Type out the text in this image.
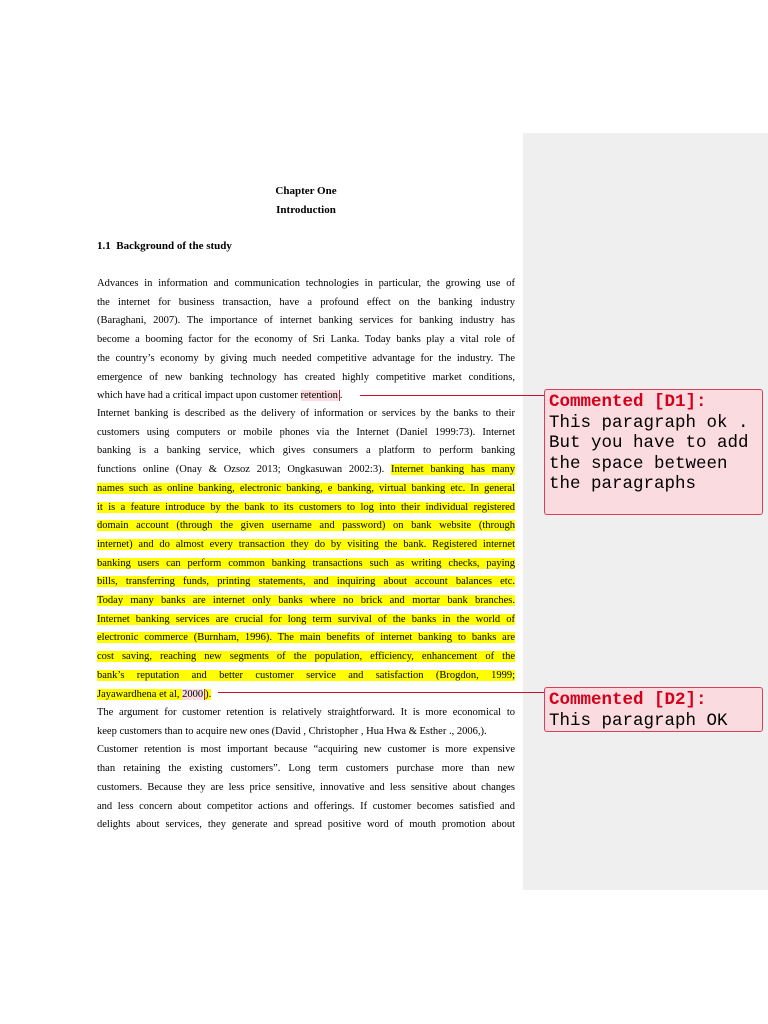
Chapter One
Introduction
1.1  Background of the study
Advances in information and communication technologies in particular, the growing use of
the internet for business transaction, have a profound effect on the banking industry
(Baraghani, 2007). The importance of internet banking services for banking industry has
become a booming factor for the economy of Sri Lanka. Today banks play a vital role of
the country’s economy by giving much needed competitive advantage for the industry. The
emergence of new banking technology has created highly competitive market conditions,
which have had a critical impact upon customer retention .
Internet banking is described as the delivery of information or services by the banks to their
customers using computers or mobile phones via the Internet (Daniel 1999:73). Internet
banking is a banking service, which gives consumers a platform to perform banking
functions online (Onay & Ozsoz 2013; Ongkasuwan 2002:3). Internet banking has many
names such as online banking, electronic banking, e banking, virtual banking etc. In general
it is a feature introduce by the bank to its customers to log into their individual registered
domain account (through the given username and password) on bank website (through
internet) and do almost every transaction they do by visiting the bank. Registered internet
banking users can perform common banking transactions such as writing checks, paying
bills, transferring funds, printing statements, and inquiring about account balances etc.
Today many banks are internet only banks where no brick and mortar bank branches.
Internet banking services are crucial for long term survival of the banks in the world of
electronic commerce (Burnham, 1996). The main benefits of internet banking to banks are
cost saving, reaching new segments of the population, efficiency, enhancement of the
bank’s reputation and better customer service and satisfaction (Brogdon, 1999;
Jayawardhena et al, 2000 ).
The argument for customer retention is relatively straightforward. It is more economical to
keep customers than to acquire new ones (David , Christopher , Hua Hwa & Esther ., 2006,).
Customer retention is most important because “acquiring new customer is more expensive
than retaining the existing customers”. Long term customers purchase more than new
customers. Because they are less price sensitive, innovative and less sensitive about changes
and less concern about competitor actions and offerings. If customer becomes satisfied and
delights about services, they generate and spread positive word of mouth promotion about
Commented [D1]:
This paragraph ok . But you have to add the space between the paragraphs
Commented [D2]:
This paragraph OK
